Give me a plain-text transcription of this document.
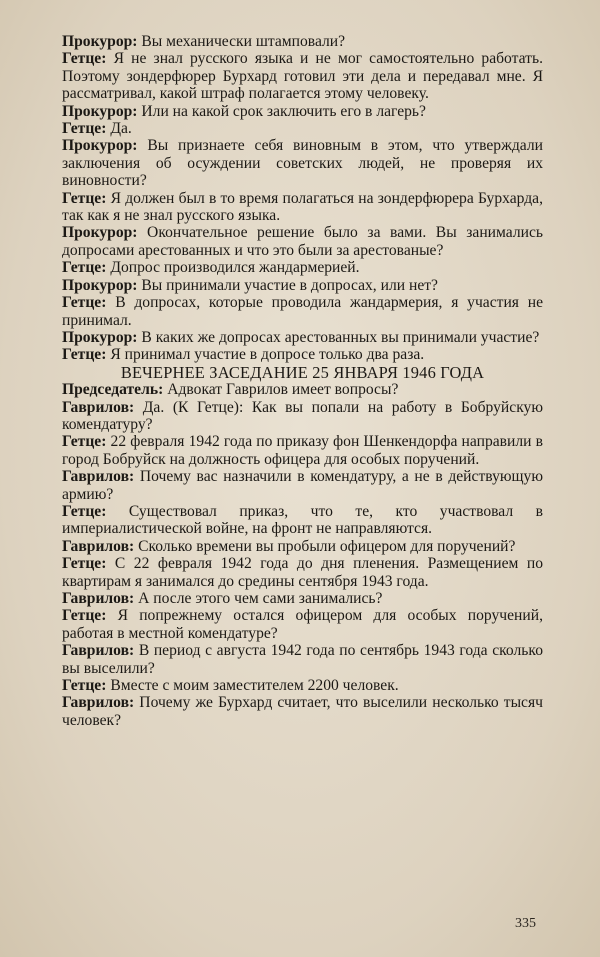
Прокурор: Вы механически штамповали?

Гетце: Я не знал русского языка и не мог самостоятельно работать. Поэтому зондерфюрер Бурхард готовил эти дела и передавал мне. Я рассматривал, какой штраф полагается этому человеку.

Прокурор: Или на какой срок заключить его в лагерь?

Гетце: Да.

Прокурор: Вы признаете себя виновным в этом, что утверждали заключения об осуждении советских людей, не проверяя их виновности?

Гетце: Я должен был в то время полагаться на зондерфюрера Бурхарда, так как я не знал русского языка.

Прокурор: Окончательное решение было за вами. Вы занимались допросами арестованных и что это были за арестованые?

Гетце: Допрос производился жандармерией.

Прокурор: Вы принимали участие в допросах, или нет?

Гетце: В допросах, которые проводила жандармерия, я участия не принимал.

Прокурор: В каких же допросах арестованных вы принимали участие?

Гетце: Я принимал участие в допросе только два раза.

ВЕЧЕРНЕЕ ЗАСЕДАНИЕ 25 ЯНВАРЯ 1946 ГОДА

Председатель: Адвокат Гаврилов имеет вопросы?

Гаврилов: Да. (К Гетце): Как вы попали на работу в Бобруйскую комендатуру?

Гетце: 22 февраля 1942 года по приказу фон Шенкендорфа направили в город Бобруйск на должность офицера для особых поручений.

Гаврилов: Почему вас назначили в комендатуру, а не в действующую армию?

Гетце: Существовал приказ, что те, кто участвовал в империалистической войне, на фронт не направляются.

Гаврилов: Сколько времени вы пробыли офицером для поручений?

Гетце: С 22 февраля 1942 года до дня пленения. Размещением по квартирам я занимался до средины сентября 1943 года.

Гаврилов: А после этого чем сами занимались?

Гетце: Я попрежнему остался офицером для особых поручений, работая в местной комендатуре?

Гаврилов: В период с августа 1942 года по сентябрь 1943 года сколько вы выселили?

Гетце: Вместе с моим заместителем 2200 человек.

Гаврилов: Почему же Бурхард считает, что выселили несколько тысяч человек?

335
